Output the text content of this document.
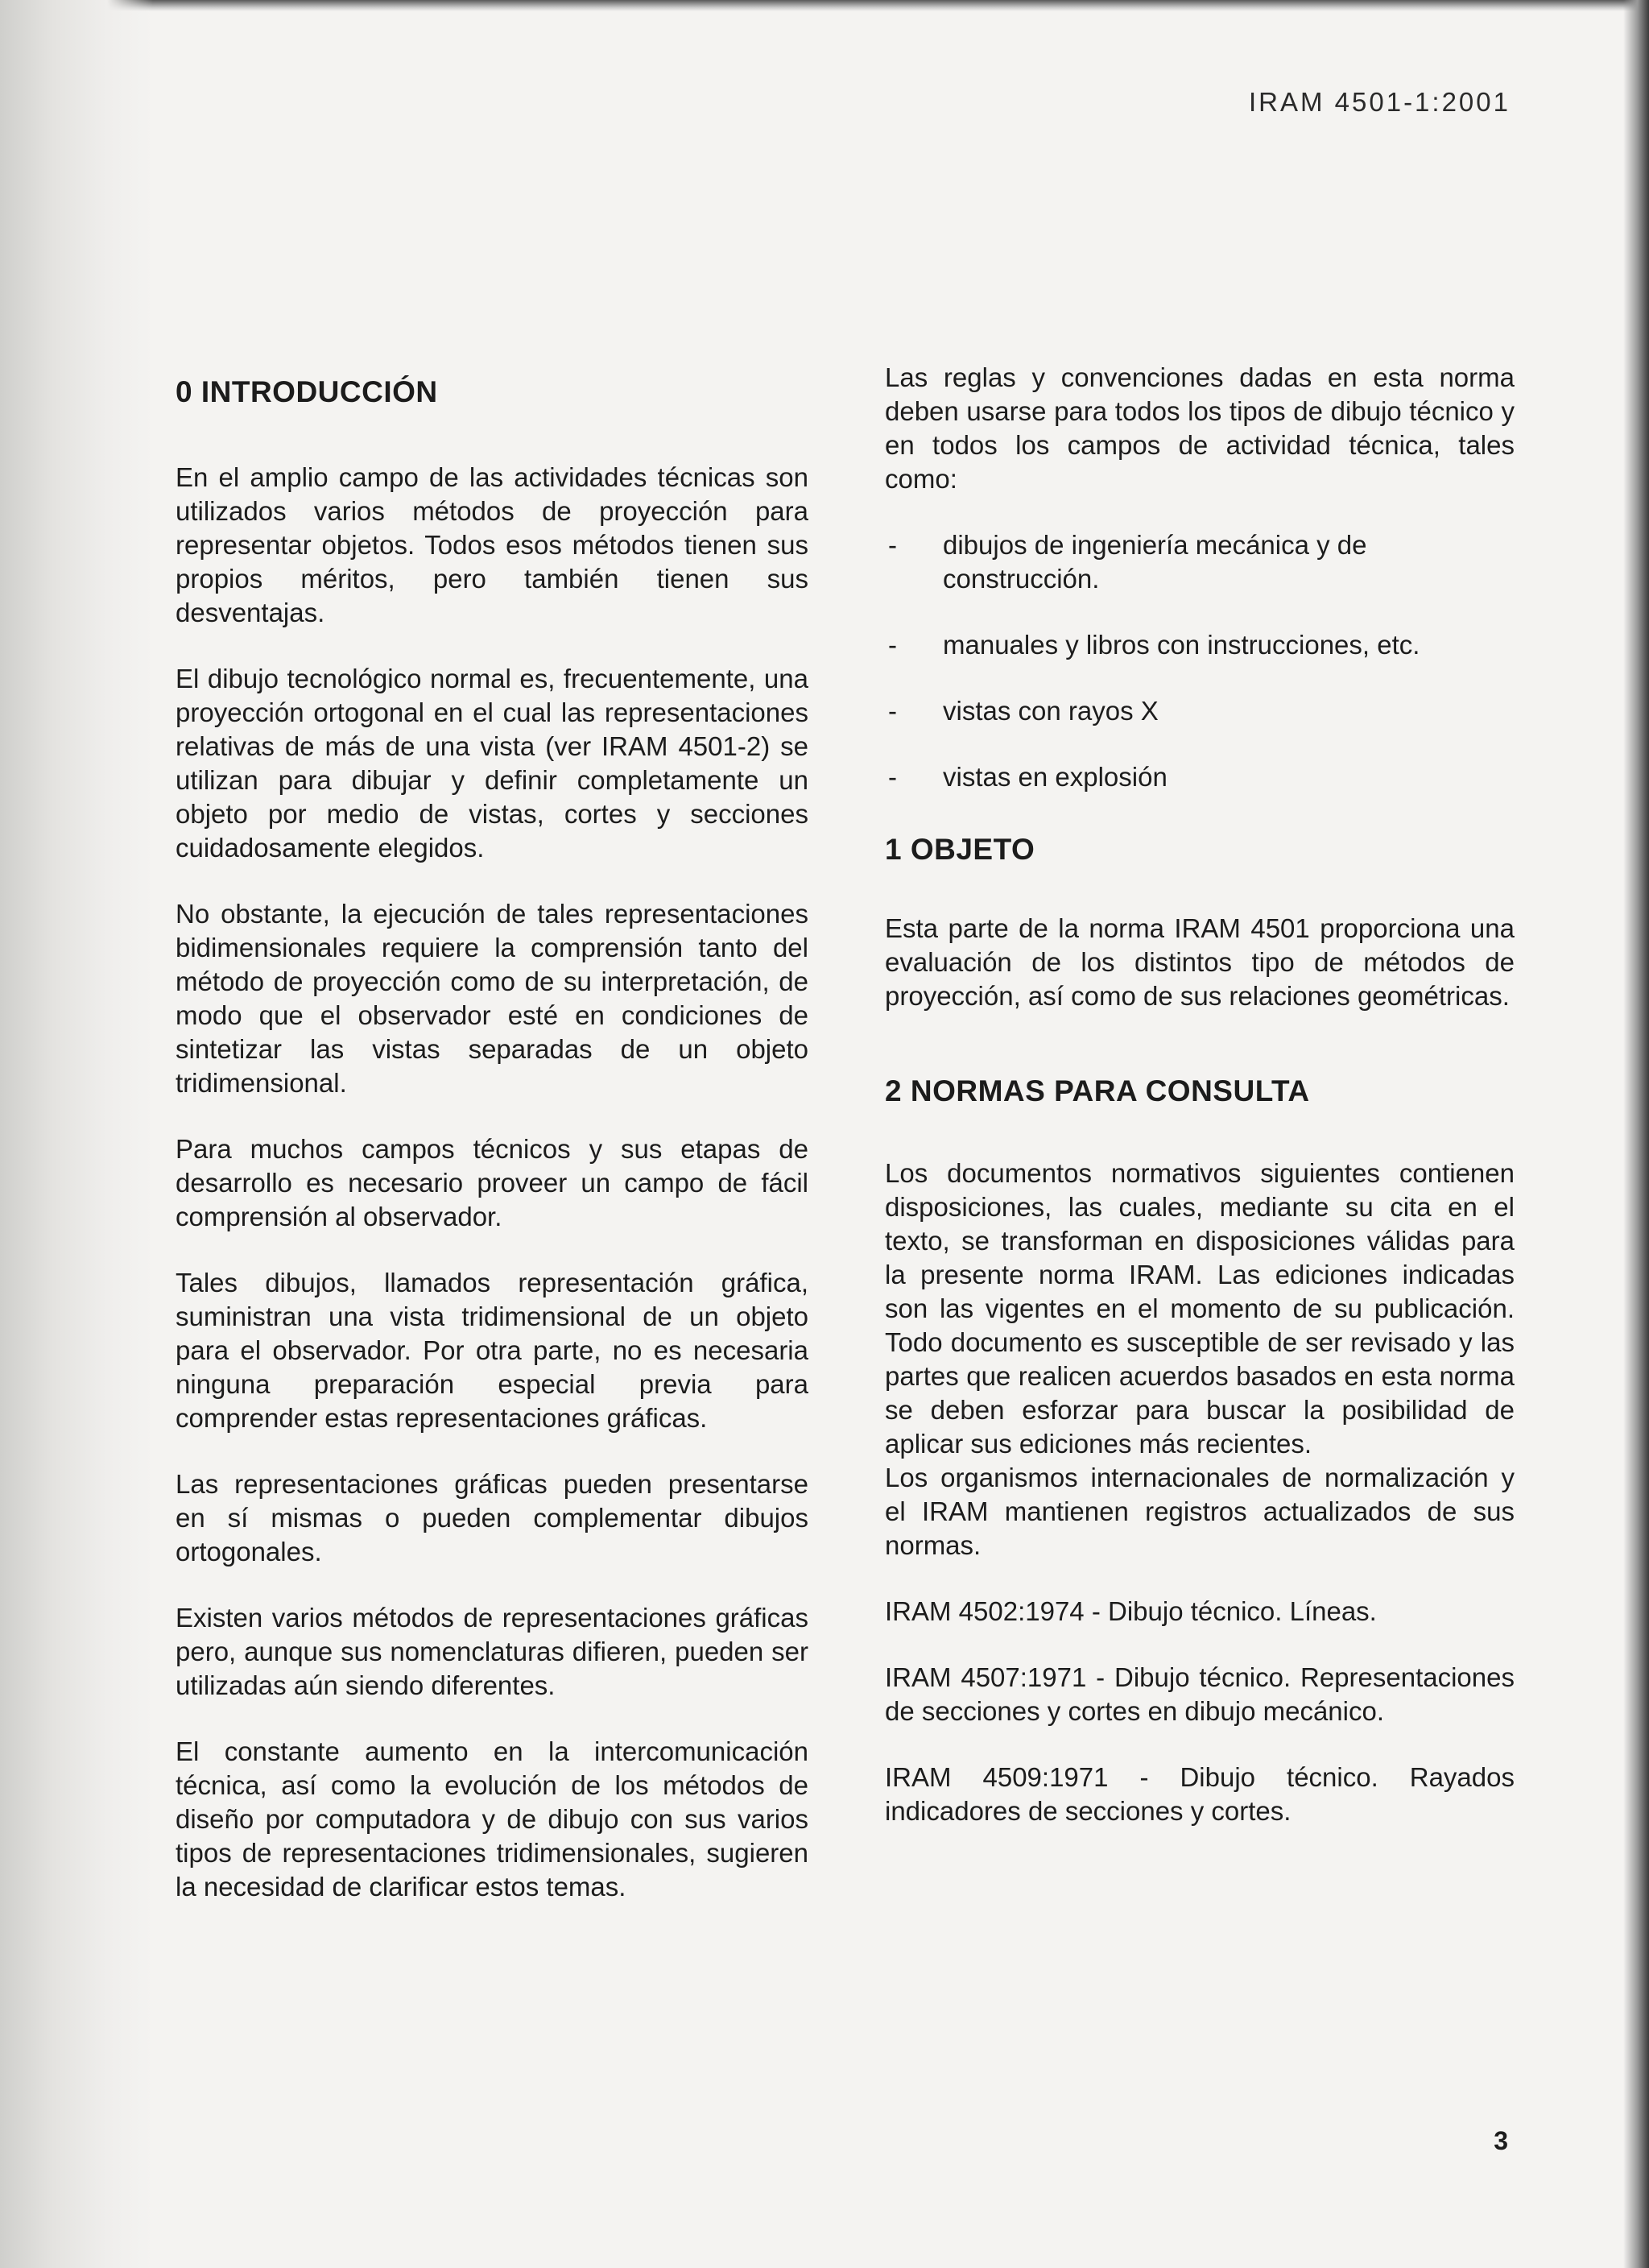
IRAM 4501-1:2001
0 INTRODUCCIÓN

En el amplio campo de las actividades técnicas son utilizados varios métodos de proyección para representar objetos. Todos esos métodos tienen sus propios méritos, pero también tienen sus desventajas.

El dibujo tecnológico normal es, frecuentemente, una proyección ortogonal en el cual las representaciones relativas de más de una vista (ver IRAM 4501-2) se utilizan para dibujar y definir completamente un objeto por medio de vistas, cortes y secciones cuidadosamente elegidos.

No obstante, la ejecución de tales representaciones bidimensionales requiere la comprensión tanto del método de proyección como de su interpretación, de modo que el observador esté en condiciones de sintetizar las vistas separadas de un objeto tridimensional.

Para muchos campos técnicos y sus etapas de desarrollo es necesario proveer un campo de fácil comprensión al observador.

Tales dibujos, llamados representación gráfica, suministran una vista tridimensional de un objeto para el observador. Por otra parte, no es necesaria ninguna preparación especial previa para comprender estas representaciones gráficas.

Las representaciones gráficas pueden presentarse en sí mismas o pueden complementar dibujos ortogonales.

Existen varios métodos de representaciones gráficas pero, aunque sus nomenclaturas difieren, pueden ser utilizadas aún siendo diferentes.

El constante aumento en la intercomunicación técnica, así como la evolución de los métodos de diseño por computadora y de dibujo con sus varios tipos de representaciones tridimensionales, sugieren la necesidad de clarificar estos temas.

Las reglas y convenciones dadas en esta norma deben usarse para todos los tipos de dibujo técnico y en todos los campos de actividad técnica, tales como:

- dibujos de ingeniería mecánica y de construcción.
- manuales y libros con instrucciones, etc.
- vistas con rayos X
- vistas en explosión
1 OBJETO

Esta parte de la norma IRAM 4501 proporciona una evaluación de los distintos tipo de métodos de proyección, así como de sus relaciones geométricas.

2 NORMAS PARA CONSULTA

Los documentos normativos siguientes contienen disposiciones, las cuales, mediante su cita en el texto, se transforman en disposiciones válidas para la presente norma IRAM. Las ediciones indicadas son las vigentes en el momento de su publicación. Todo documento es susceptible de ser revisado y las partes que realicen acuerdos basados en esta norma se deben esforzar para buscar la posibilidad de aplicar sus ediciones más recientes.

Los organismos internacionales de normalización y el IRAM mantienen registros actualizados de sus normas.

IRAM 4502:1974 - Dibujo técnico. Líneas.

IRAM 4507:1971 - Dibujo técnico. Representaciones de secciones y cortes en dibujo mecánico.

IRAM 4509:1971 - Dibujo técnico. Rayados indicadores de secciones y cortes.

3
